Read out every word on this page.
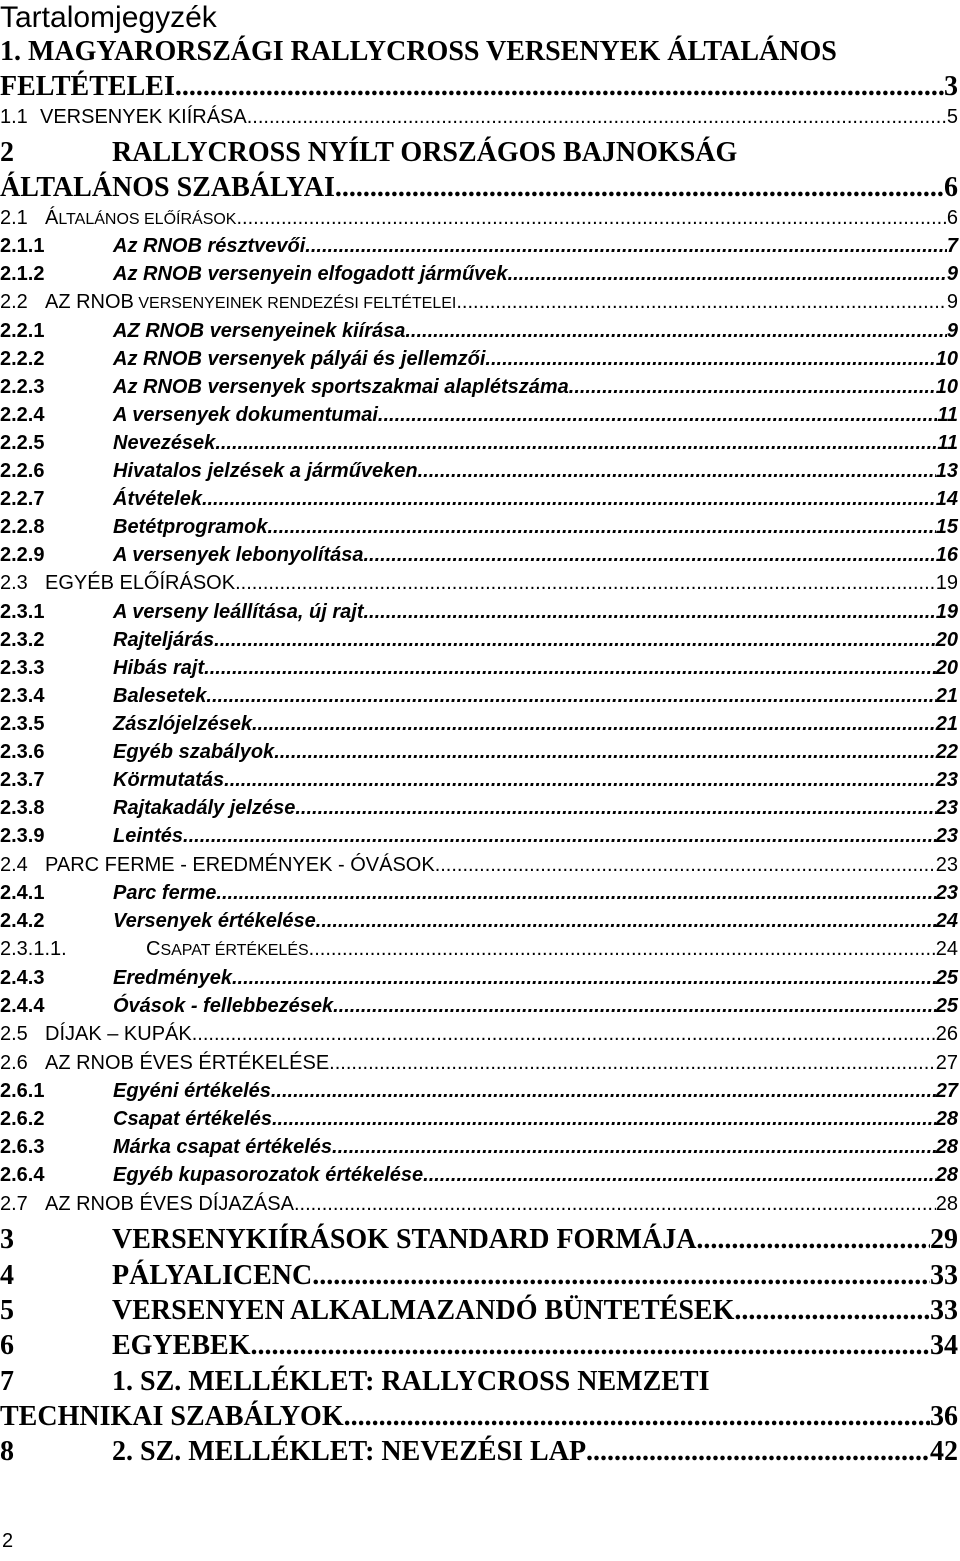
Tartalomjegyzék
1. MAGYARORSZÁGI RALLYCROSS VERSENYEK ÁLTALÁNOS
FELTÉTELEI .....	3
1.1 VERSENYEK KIÍRÁSA .....	5
2	RALLYCROSS NYÍLT ORSZÁGOS BAJNOKSÁG
ÁLTALÁNOS SZABÁLYAI. .....	6
2.1 ÁLTALÁNOS ELŐÍRÁSOK .....	6
2.1.1	Az RNOB résztvevői .....	7
2.1.2	Az RNOB versenyein elfogadott járművek .....	9
2.2 AZ RNOB VERSENYEINEK RENDEZÉSI FELTÉTELEI .....	9
2.2.1	AZ RNOB versenyeinek kiírása .....	9
2.2.2	Az RNOB versenyek pályái és jellemzői .....	10
2.2.3	Az RNOB versenyek sportszakmai alaplétszáma .....	10
2.2.4	A versenyek dokumentumai .....	11
2.2.5	Nevezések .....	11
2.2.6	Hivatalos jelzések a járműveken .....	13
2.2.7	Átvételek .....	14
2.2.8	Betétprogramok .....	15
2.2.9	A versenyek lebonyolítása .....	16
2.3 EGYÉB ELŐÍRÁSOK .....	19
2.3.1	A verseny leállítása, új rajt .....	19
2.3.2	Rajteljárás .....	20
2.3.3	Hibás rajt .....	20
2.3.4	Balesetek .....	21
2.3.5	Zászlójelzések .....	21
2.3.6	Egyéb szabályok .....	22
2.3.7	Körmutatás .....	23
2.3.8	Rajtakadály jelzése .....	23
2.3.9	Leintés .....	23
2.4 PARC FERME - EREDMÉNYEK - ÓVÁSOK .....	23
2.4.1	Parc ferme .....	23
2.4.2	Versenyek értékelése .....	24
2.3.1.1.	CSAPAT ÉRTÉKELÉS .....	24
2.4.3	Eredmények .....	25
2.4.4	Óvások - fellebbezések .....	25
2.5 DÍJAK – KUPÁK .....	26
2.6 AZ RNOB ÉVES ÉRTÉKELÉSE .....	27
2.6.1	Egyéni értékelés .....	27
2.6.2	Csapat értékelés .....	28
2.6.3	Márka csapat értékelés .....	28
2.6.4	Egyéb kupasorozatok értékelése .....	28
2.7 AZ RNOB ÉVES DÍJAZÁSA .....	28
3	VERSENYKIÍRÁSOK STANDARD FORMÁJA .....	29
4	PÁLYALICENC .....	33
5	VERSENYEN ALKALMAZANDÓ BÜNTETÉSEK .....	33
6	EGYEBEK .....	34
7	1. SZ. MELLÉKLET: RALLYCROSS NEMZETI
TECHNIKAI SZABÁLYOK. .....	36
8	2. SZ. MELLÉKLET: NEVEZÉSI LAP .....	42
2
